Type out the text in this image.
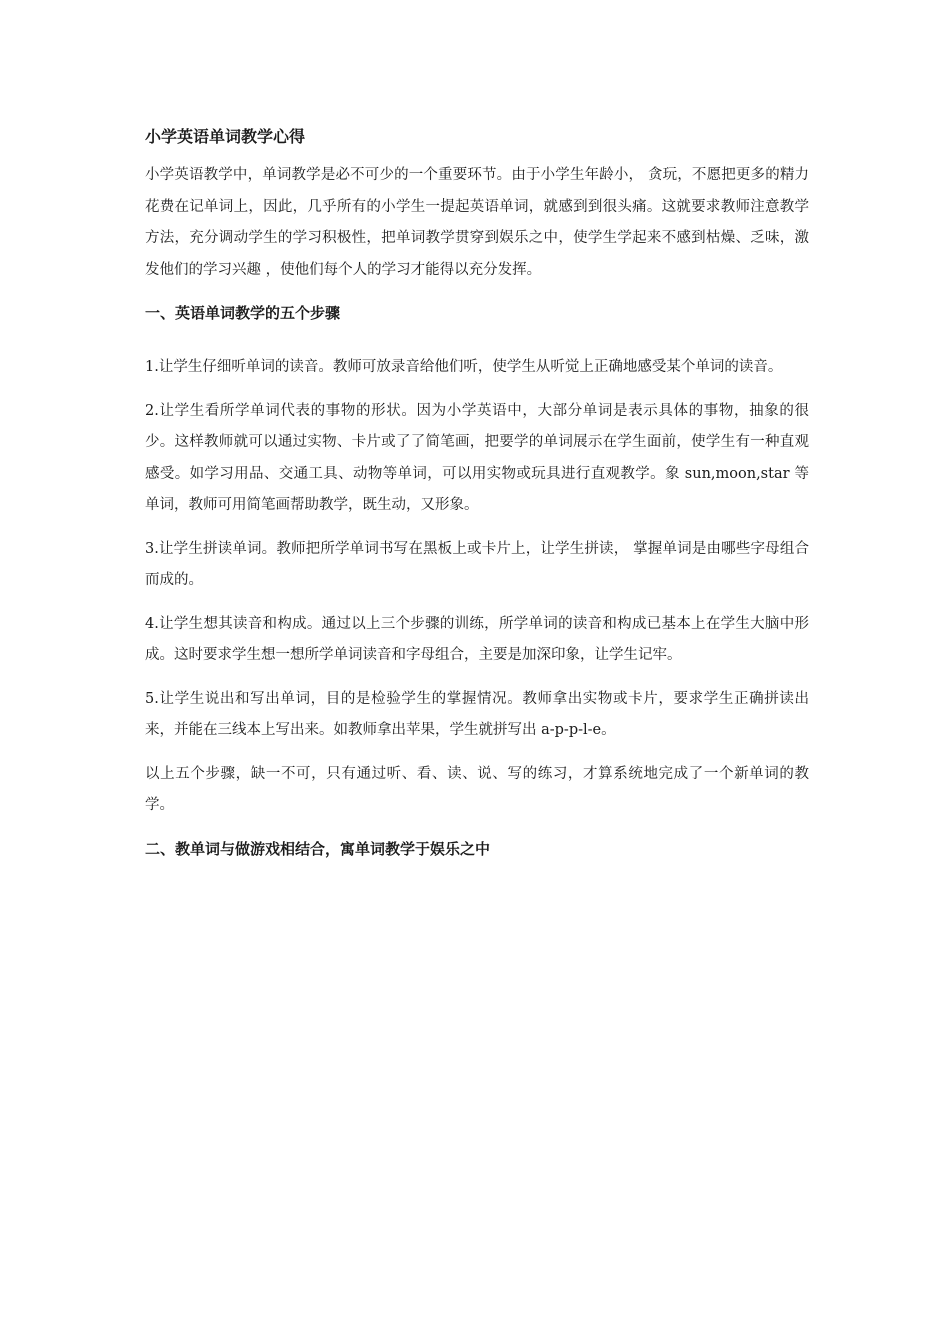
小学英语单词教学心得

小学英语教学中，单词教学是必不可少的一个重要环节。由于小学生年龄小， 贪玩，不愿把更多的精力花费在记单词上，因此，几乎所有的小学生一提起英语单词，就感到到很头痛。这就要求教师注意教学方法，充分调动学生的学习积极性，把单词教学贯穿到娱乐之中，使学生学起来不感到枯燥、乏味，激发他们的学习兴趣 ，使他们每个人的学习才能得以充分发挥。

一、英语单词教学的五个步骤

1.让学生仔细听单词的读音。教师可放录音给他们听，使学生从听觉上正确地感受某个单词的读音。

2.让学生看所学单词代表的事物的形状。因为小学英语中，大部分单词是表示具体的事物，抽象的很少。这样教师就可以通过实物、卡片或了了简笔画，把要学的单词展示在学生面前，使学生有一种直观感受。如学习用品、交通工具、动物等单词，可以用实物或玩具进行直观教学。象 sun,moon,star 等单词，教师可用简笔画帮助教学，既生动，又形象。

3.让学生拼读单词。教师把所学单词书写在黑板上或卡片上，让学生拼读， 掌握单词是由哪些字母组合而成的。

4.让学生想其读音和构成。通过以上三个步骤的训练，所学单词的读音和构成已基本上在学生大脑中形成。这时要求学生想一想所学单词读音和字母组合，主要是加深印象，让学生记牢。

5.让学生说出和写出单词，目的是检验学生的掌握情况。教师拿出实物或卡片，要求学生正确拼读出来，并能在三线本上写出来。如教师拿出苹果，学生就拼写出 a-p-p-l-e。

以上五个步骤，缺一不可，只有通过听、看、读、说、写的练习，才算系统地完成了一个新单词的教学。

二、教单词与做游戏相结合，寓单词教学于娱乐之中
